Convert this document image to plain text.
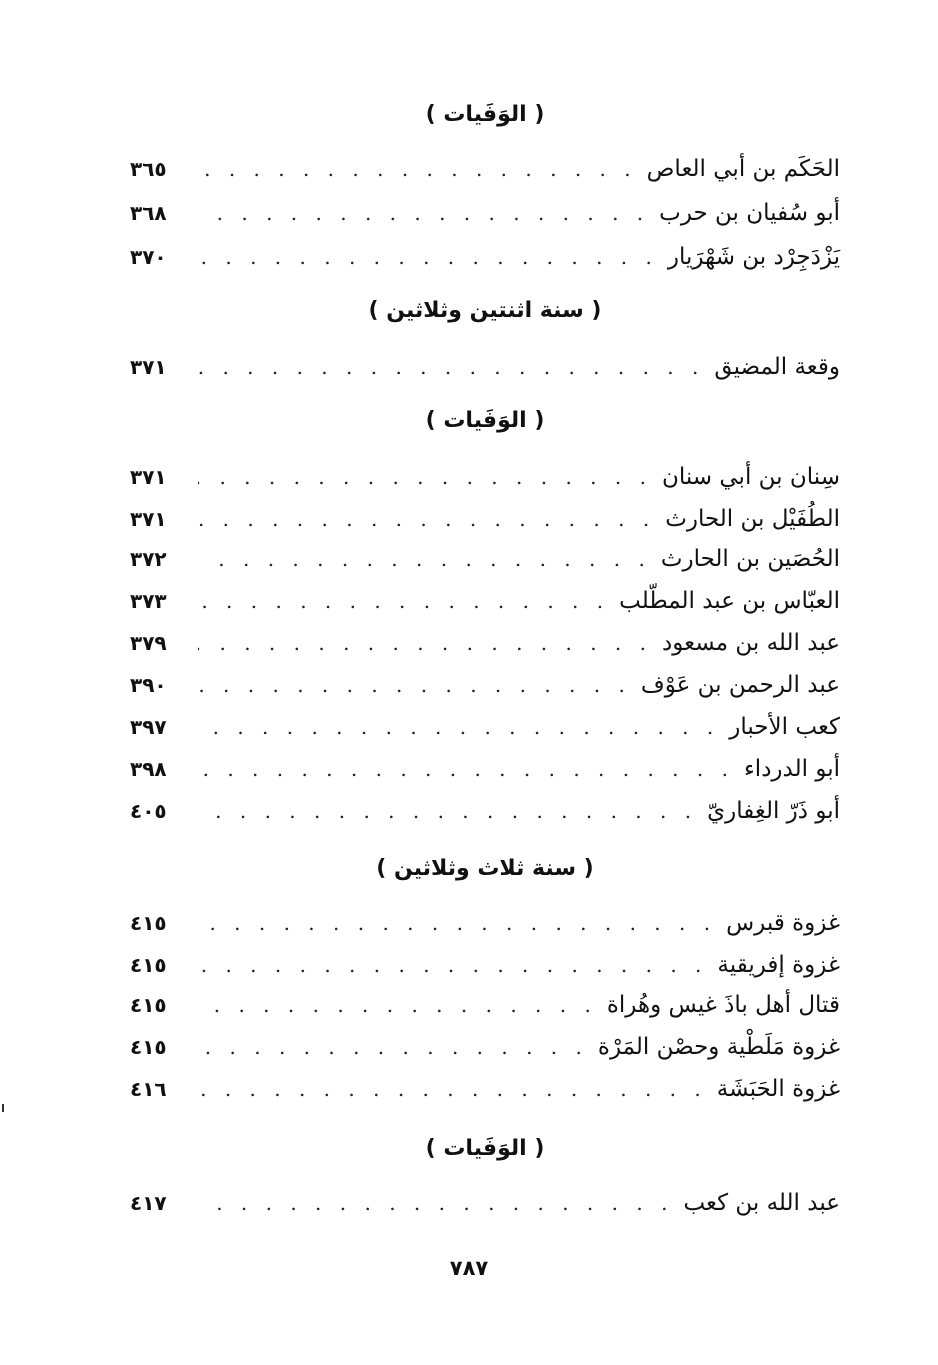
( الوَفَيات )
الحَكَم بن أبي العاص
. . .
٣٦٥
أبو سُفيان بن حرب
. . .
٣٦٨
يَزْدَجِرْد بن شَهْرَيار
. . .
٣٧٠
( سنة اثنتين وثلاثين )
وقعة المضيق
. . .
٣٧١
( الوَفَيات )
سِنان بن أبي سنان
. . .
٣٧١
الطُفَيْل بن الحارث
. . .
٣٧١
الحُصَين بن الحارث
. . .
٣٧٢
العبّاس بن عبد المطّلب
. . .
٣٧٣
عبد الله بن مسعود
. . .
٣٧٩
عبد الرحمن بن عَوْف
. . .
٣٩٠
كعب الأحبار
. . .
٣٩٧
أبو الدرداء
. . .
٣٩٨
أبو ذَرّ الغِفاريّ
. . .
٤٠٥
( سنة ثلاث وثلاثين )
غزوة قبرس
. . .
٤١٥
غزوة إفريقية
. . .
٤١٥
قتال أهل باذَ غيس وهُراة
. . .
٤١٥
غزوة مَلَطْية وحصْن المَرْة
. . .
٤١٥
غزوة الحَبَشَة
. . .
٤١٦
( الوَفَيات )
عبد الله بن كعب
. . .
٤١٧
٧٨٧
